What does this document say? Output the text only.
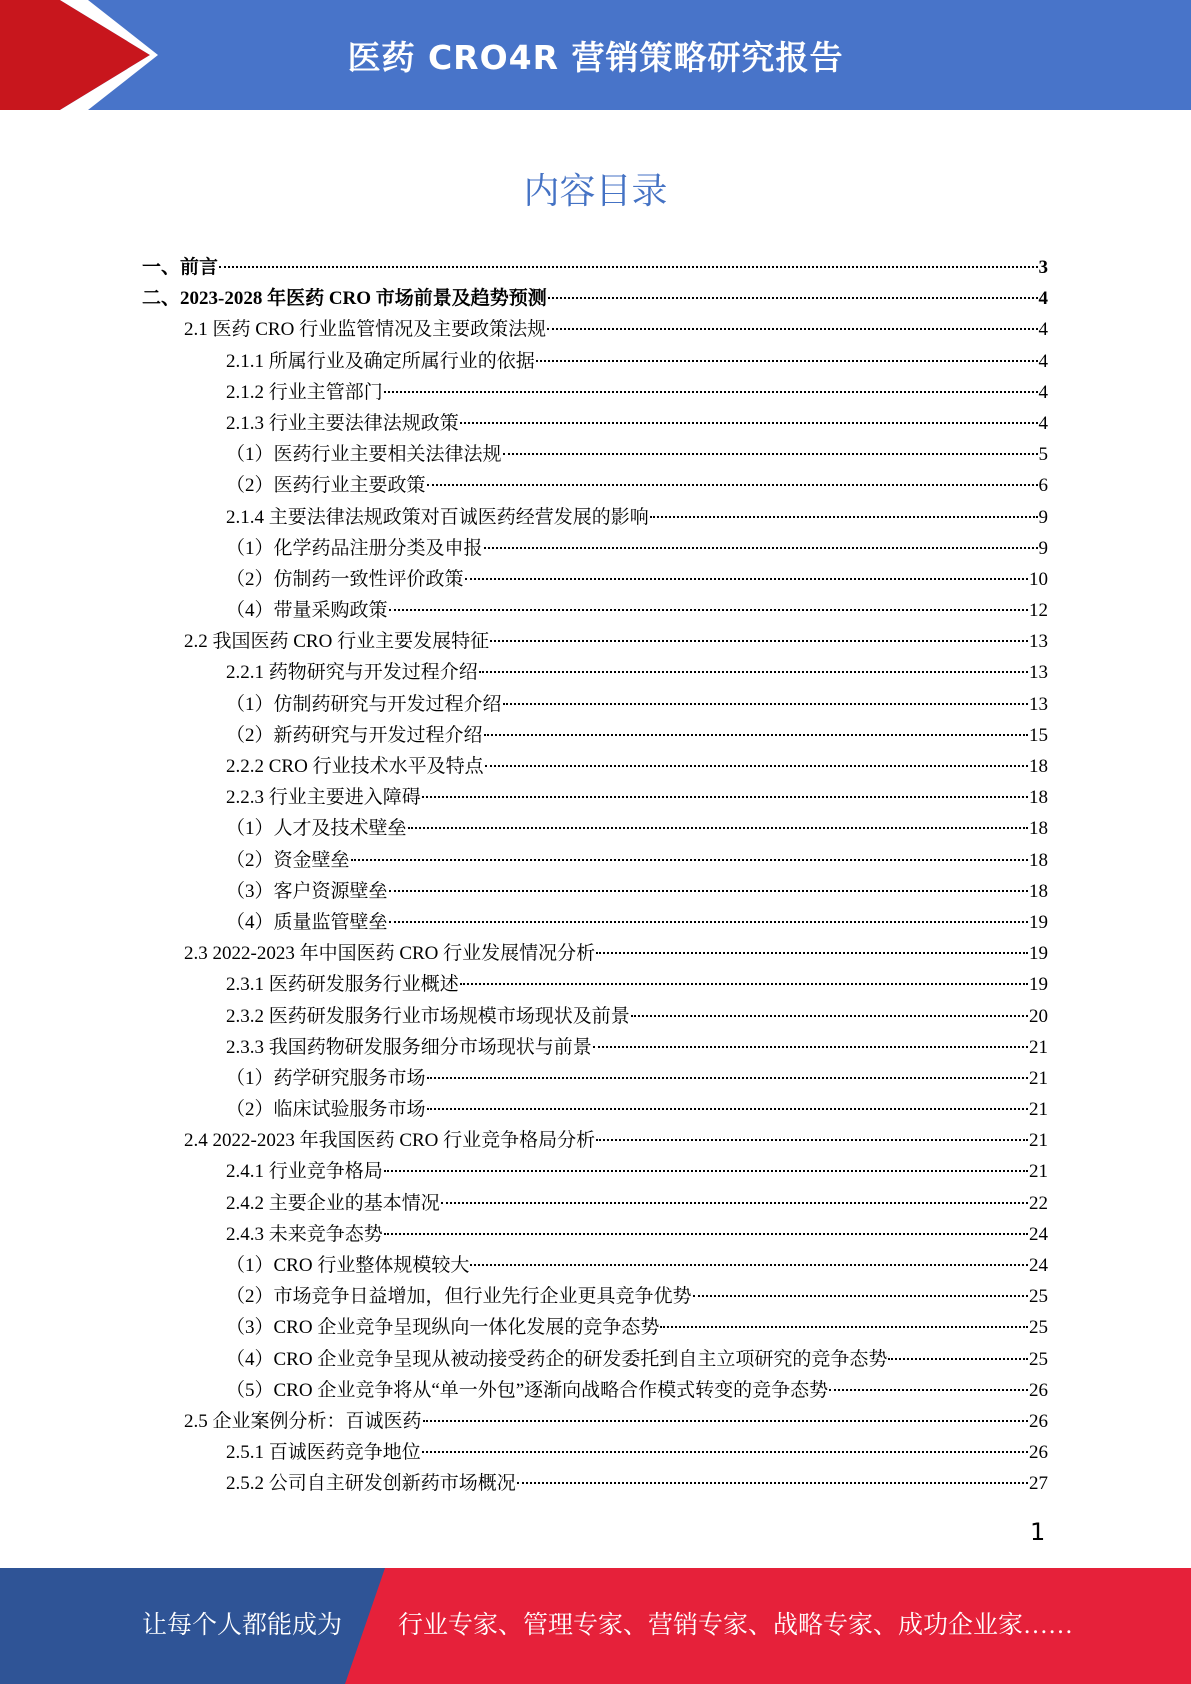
医药 CRO4R 营销策略研究报告
内容目录
一、前言	3
二、2023-2028 年医药 CRO 市场前景及趋势预测	4
2.1 医药 CRO 行业监管情况及主要政策法规	4
2.1.1 所属行业及确定所属行业的依据	4
2.1.2 行业主管部门	4
2.1.3 行业主要法律法规政策	4
（1）医药行业主要相关法律法规	5
（2）医药行业主要政策	6
2.1.4 主要法律法规政策对百诚医药经营发展的影响	9
（1）化学药品注册分类及申报	9
（2）仿制药一致性评价政策	10
（4）带量采购政策	12
2.2 我国医药 CRO 行业主要发展特征	13
2.2.1 药物研究与开发过程介绍	13
（1）仿制药研究与开发过程介绍	13
（2）新药研究与开发过程介绍	15
2.2.2 CRO 行业技术水平及特点	18
2.2.3 行业主要进入障碍	18
（1）人才及技术壁垒	18
（2）资金壁垒	18
（3）客户资源壁垒	18
（4）质量监管壁垒	19
2.3 2022-2023 年中国医药 CRO 行业发展情况分析	19
2.3.1 医药研发服务行业概述	19
2.3.2 医药研发服务行业市场规模市场现状及前景	20
2.3.3 我国药物研发服务细分市场现状与前景	21
（1）药学研究服务市场	21
（2）临床试验服务市场	21
2.4 2022-2023 年我国医药 CRO 行业竞争格局分析	21
2.4.1 行业竞争格局	21
2.4.2 主要企业的基本情况	22
2.4.3 未来竞争态势	24
（1）CRO 行业整体规模较大	24
（2）市场竞争日益增加，但行业先行企业更具竞争优势	25
（3）CRO 企业竞争呈现纵向一体化发展的竞争态势	25
（4）CRO 企业竞争呈现从被动接受药企的研发委托到自主立项研究的竞争态势	25
（5）CRO 企业竞争将从“单一外包”逐渐向战略合作模式转变的竞争态势	26
2.5 企业案例分析：百诚医药	26
2.5.1 百诚医药竞争地位	26
2.5.2 公司自主研发创新药市场概况	27
1
让每个人都能成为 行业专家、管理专家、营销专家、战略专家、成功企业家……
